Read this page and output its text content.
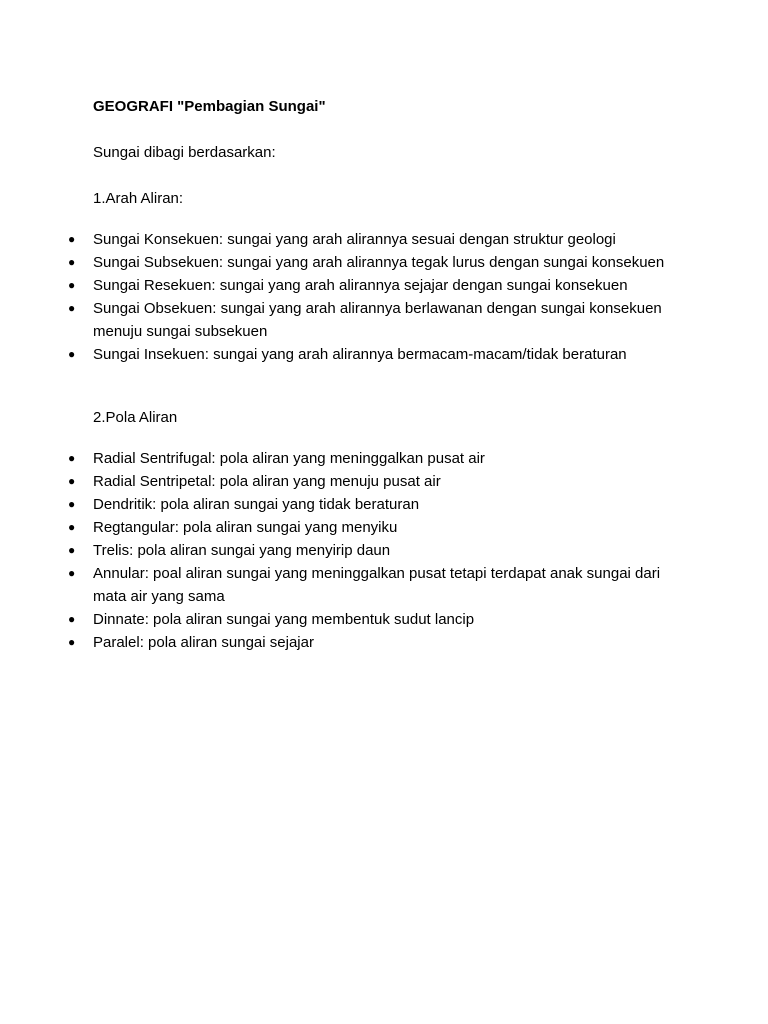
GEOGRAFI "Pembagian Sungai"
Sungai dibagi berdasarkan:
1.Arah Aliran:
● Sungai Konsekuen: sungai yang arah alirannya sesuai dengan struktur geologi
● Sungai Subsekuen: sungai yang arah alirannya tegak lurus dengan sungai konsekuen
● Sungai Resekuen: sungai yang arah alirannya sejajar dengan sungai konsekuen
● Sungai Obsekuen: sungai yang arah alirannya berlawanan dengan sungai konsekuen menuju sungai subsekuen
● Sungai Insekuen: sungai yang arah alirannya bermacam-macam/tidak beraturan
2.Pola Aliran
● Radial Sentrifugal: pola aliran yang meninggalkan pusat air
● Radial Sentripetal: pola aliran yang menuju pusat air
● Dendritik: pola aliran sungai yang tidak beraturan
● Regtangular: pola aliran sungai yang menyiku
● Trelis: pola aliran sungai yang menyirip daun
● Annular: poal aliran sungai yang meninggalkan pusat tetapi terdapat anak sungai dari mata air yang sama
● Dinnate: pola aliran sungai yang membentuk sudut lancip
● Paralel: pola aliran sungai sejajar
